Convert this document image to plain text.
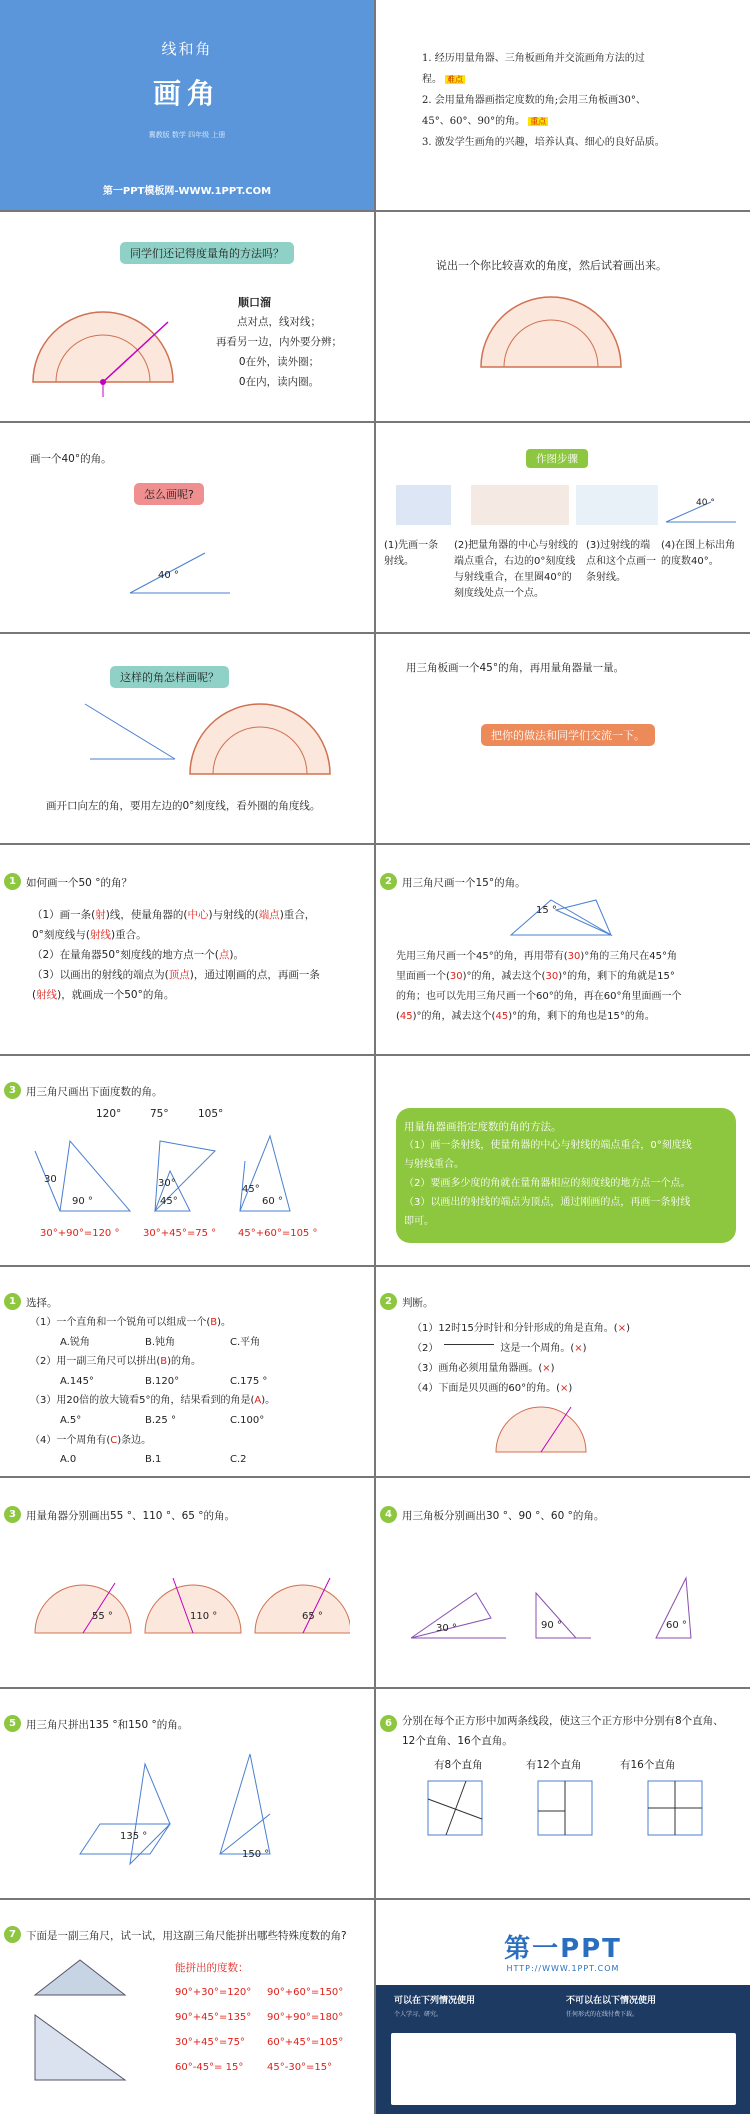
线和角
画角
冀教版 数学 四年级 上册
第一PPT模板网-WWW.1PPT.COM
1. 经历用量角器、三角板画角并交流画角方法的过
程。 难点
2. 会用量角器画指定度数的角;会用三角板画30°、
45°、60°、90°的角。 重点
3. 激发学生画角的兴趣，培养认真、细心的良好品质。
同学们还记得度量角的方法吗？
顺口溜
点对点，线对线；
再看另一边，内外要分辨；
0在外，读外圈；
0在内，读内圈。
说出一个你比较喜欢的角度，然后试着画出来。
画一个40°的角。
怎么画呢?
40 °
作图步骤
40 °
(1)先画一条射线。
(2)把量角器的中心与射线的端点重合，右边的0°刻度线与射线重合，在里圈40°的刻度线处点一个点。
(3)过射线的端点和这个点画一条射线。
(4)在图上标出角的度数40°。
这样的角怎样画呢？
画开口向左的角，要用左边的0°刻度线，看外圈的角度线。
用三角板画一个45°的角，再用量角器量一量。
把你的做法和同学们交流一下。
1 如何画一个50 °的角？
（1）画一条(射)线，使量角器的(中心)与射线的(端点)重合，
0°刻度线与(射线)重合。
（2）在量角器50°刻度线的地方点一个(点)。
（3）以画出的射线的端点为(顶点)，通过刚画的点，再画一条
(射线)，就画成一个50°的角。
2 用三角尺画一个15°的角。
15 °
先用三角尺画一个45°的角，再用带有(30)°角的三角尺在45°角
里面画一个(30)°的角，减去这个(30)°的角，剩下的角就是15°
的角；也可以先用三角尺画一个60°的角，再在60°角里面画一个
(45)°的角，减去这个(45)°的角，剩下的角也是15°的角。
3 用三角尺画出下面度数的角。
120°	75°	105°
30
90 °
30°
45°
45°
60 °
30°+90°=120 ° 30°+45°=75 ° 45°+60°=105 °
用量角器画指定度数的角的方法。
（1）画一条射线，使量角器的中心与射线的端点重合，0°刻度线
与射线重合。
（2）要画多少度的角就在量角器相应的刻度线的地方点一个点。
（3）以画出的射线的端点为顶点，通过刚画的点，再画一条射线
即可。
1 选择。
（1）一个直角和一个锐角可以组成一个(B)。
A.锐角	B.钝角	C.平角
（2）用一副三角尺可以拼出(B)的角。
A.145°	B.120°	C.175 °
（3）用20倍的放大镜看5°的角，结果看到的角是(A)。
A.5°	B.25 °	C.100°
（4）一个周角有(C)条边。
A.0	B.1	C.2
2 判断。
（1）12时15分时针和分针形成的角是直角。(×)
（2）	这是一个周角。(×)
（3）画角必须用量角器画。(×)
（4）下面是贝贝画的60°的角。(×)
3 用量角器分别画出55 °、110 °、65 °的角。
55 °	110 °	65 °
4 用三角板分别画出30 °、90 °、60 °的角。
30 °	90 °	60 °
5 用三角尺拼出135 °和150 °的角。
135 °
150 °
6 分别在每个正方形中加两条线段，使这三个正方形中分别有8个直角、
12个直角、16个直角。
有8个直角	有12个直角	有16个直角
7 下面是一副三角尺，试一试，用这副三角尺能拼出哪些特殊度数的角?
能拼出的度数：
90°+30°=120° 90°+60°=150°
90°+45°=135° 90°+90°=180°
30°+45°=75° 60°+45°=105°
60°-45°= 15° 45°-30°=15°
第一PPT
HTTP://WWW.1PPT.COM
可以在下列情况使用	不可以在以下情况使用
个人学习、研究。	任何形式的在线付费下载。
